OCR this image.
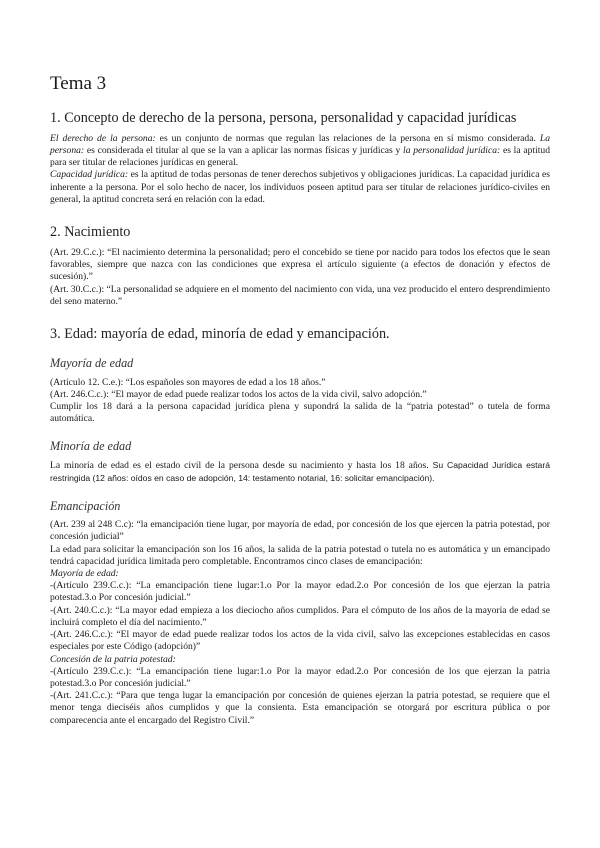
Tema 3
1. Concepto de derecho de la persona, persona, personalidad y capacidad jurídicas

El derecho de la persona: es un conjunto de normas que regulan las relaciones de la persona en sí mismo considerada. La persona: es considerada el titular al que se la van a aplicar las normas físicas y jurídicas y la personalidad jurídica: es la aptitud para ser titular de relaciones jurídicas en general.

Capacidad jurídica: es la aptitud de todas personas de tener derechos subjetivos y obligaciones jurídicas. La capacidad jurídica es inherente a la persona. Por el solo hecho de nacer, los individuos poseen aptitud para ser titular de relaciones jurídico-civiles en general, la aptitud concreta será en relación con la edad.

2. Nacimiento

(Art. 29.C.c.): “El nacimiento determina la personalidad; pero el concebido se tiene por nacido para todos los efectos que le sean favorables, siempre que nazca con las condiciones que expresa el artículo siguiente (a efectos de donación y efectos de sucesión).”

(Art. 30.C.c.): “La personalidad se adquiere en el momento del nacimiento con vida, una vez producido el entero desprendimiento del seno materno.”

3. Edad: mayoría de edad, minoría de edad y emancipación.
Mayoría de edad

(Artículo 12. C.e.): “Los españoles son mayores de edad a los 18 años.”

(Art. 246.C.c.): “El mayor de edad puede realizar todos los actos de la vida civil, salvo adopción.”

Cumplir los 18 dará a la persona capacidad jurídica plena y supondrá la salida de la “patria potestad” o tutela de forma automática.

Minoría de edad

La minoría de edad es el estado civil de la persona desde su nacimiento y hasta los 18 años. Su Capacidad Jurídica estará restringida (12 años: oídos en caso de adopción, 14: testamento notarial, 16: solicitar emancipación).

Emancipación

(Art. 239 al 248 C.c): “la emancipación tiene lugar, por mayoría de edad, por concesión de los que ejercen la patria potestad, por concesión judicial”

La edad para solicitar la emancipación son los 16 años, la salida de la patria potestad o tutela no es automática y un emancipado tendrá capacidad jurídica limitada pero completable. Encontramos cinco clases de emancipación:

Mayoría de edad:

-(Artículo 239.C.c.): “La emancipación tiene lugar:1.o Por la mayor edad.2.o Por concesión de los que ejerzan la patria potestad.3.o Por concesión judicial.”

-(Art. 240.C.c.): “La mayor edad empieza a los dieciocho años cumplidos. Para el cómputo de los años de la mayoría de edad se incluirá completo el día del nacimiento.”

-(Art. 246.C.c.): “El mayor de edad puede realizar todos los actos de la vida civil, salvo las excepciones establecidas en casos especiales por este Código (adopción)”

Concesión de la patria potestad:

-(Artículo 239.C.c.): “La emancipación tiene lugar:1.o Por la mayor edad.2.o Por concesión de los que ejerzan la patria potestad.3.o Por concesión judicial.”

-(Art. 241.C.c.): “Para que tenga lugar la emancipación por concesión de quienes ejerzan la patria potestad, se requiere que el menor tenga dieciséis años cumplidos y que la consienta. Esta emancipación se otorgará por escritura pública o por comparecencia ante el encargado del Registro Civil.”
